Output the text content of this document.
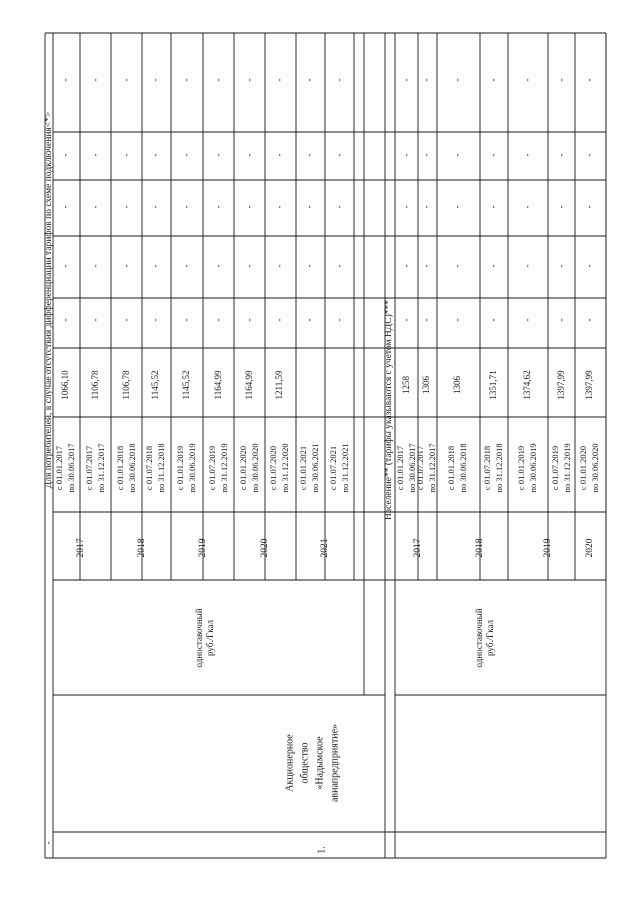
Для потребителей, в случае отсутствия дифференциации тарифов по схеме подключения<*>	Население** (тарифы указываются с учетом НДС)***
-
-
1.
Акционерное общество «Надымское авиапредприятие»
одноставочный руб./Гкал	одноставочный руб./Гкал
с 01.01.2017 по 30.06.2017
1066,10
-
-
-
-
-
2017
с 01.07.2017 по 31.12.2017
1106,78
-
-
-
-
-
с 01.01.2018 по 30.06.2018
1106,78
-
-
-
-
-
2018
с 01.07.2018 по 31.12.2018
1145,52
-
-
-
-
-
с 01.01.2019 по 30.06.2019
1145,52
-
-
-
-
-
2019
с 01.07.2019 по 31.12.2019
1164,99
-
-
-
-
-
с 01.01.2020 по 30.06.2020
1164,99
-
-
-
-
-
2020
с 01.07.2020 по 31.12.2020
1211,59
-
-
-
-
-
с 01.01.2021 по 30.06.2021
-
-
-
-
-
2021
с 01.07.2021 по 31.12.2021
-
-
-
-
-
с 01.01.2017 по 30.06.2017
1258
-
-
-
-
-
2017
с 01.07.2017 по 31.12.2017
1306
-
-
-
-
-
с 01.01.2018 по 30.06.2018
1306
-
-
-
-
-
2018
с 01.07.2018 по 31.12.2018
1351,71
-
-
-
-
-
с 01.01.2019 по 30.06.2019
1374,62
-
-
-
-
-
2019
с 01.07.2019 по 31.12.2019
1397,99
-
-
-
-
-
с 01.01.2020 по 30.06.2020
1397,99
-
-
-
-
-
2020
